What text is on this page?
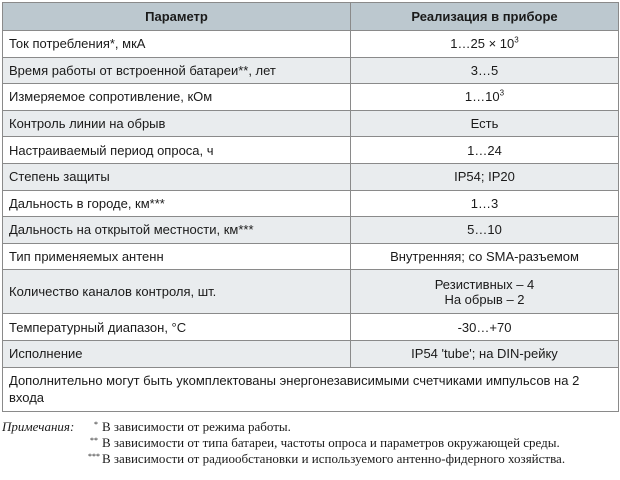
Параметр	Реализация в приборе
Ток потребления*, мкА	1…25 × $10^3$
Время работы от встроенной батареи**, лет	3…5
Измеряемое сопротивление, кОм	$1\dots 10^3$
Контроль линии на обрыв	Есть
Настраиваемый период опроса, ч	1…24
Степень защиты	IP54; IP20
Дальность в городе, км***	1…3
Дальность на открытой местности, км***	5…10
Тип применяемых антенн	Внутренняя; со SMA-разъемом
Количество каналов контроля, шт.	Резистивных – 4
На обрыв – 2

Температурный диапазон, °С	-30…+70
Исполнение	IP54 'tube'; на DIN-рейку
Дополнительно могут быть укомплектованы энергонезависимыми счетчиками импульсов на 2 входа	
Примечания:	* В зависимости от режима работы.
** В зависимости от типа батареи, частоты опроса и параметров окружающей среды.
*** В зависимости от радиообстановки и используемого антенно-фидерного хозяйства.
